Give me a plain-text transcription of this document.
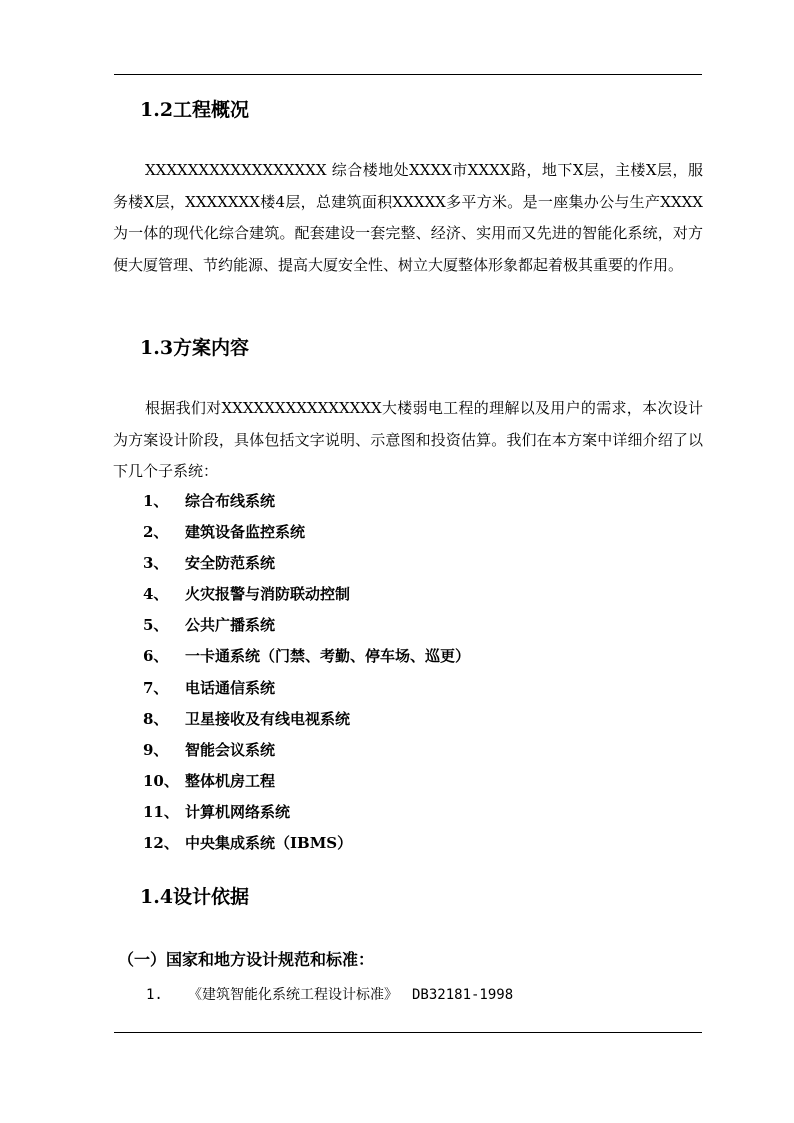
1.2工程概况

XXXXXXXXXXXXXXXXX 综合楼地处XXXX市XXXX路，地下X层，主楼X层，服务楼X层，XXXXXXX楼4层，总建筑面积XXXXX多平方米。是一座集办公与生产XXXX为一体的现代化综合建筑。配套建设一套完整、经济、实用而又先进的智能化系统，对方便大厦管理、节约能源、提高大厦安全性、树立大厦整体形象都起着极其重要的作用。

1.3方案内容

根据我们对XXXXXXXXXXXXXXX大楼弱电工程的理解以及用户的需求，本次设计为方案设计阶段，具体包括文字说明、示意图和投资估算。我们在本方案中详细介绍了以下几个子系统：

1、 综合布线系统
2、 建筑设备监控系统
3、 安全防范系统
4、 火灾报警与消防联动控制
5、 公共广播系统
6、 一卡通系统（门禁、考勤、停车场、巡更）
7、 电话通信系统
8、 卫星接收及有线电视系统
9、 智能会议系统
10、 整体机房工程
11、 计算机网络系统
12、 中央集成系统（IBMS）
1.4设计依据
（一）国家和地方设计规范和标准：
1. 《建筑智能化系统工程设计标准》 DB32181-1998
